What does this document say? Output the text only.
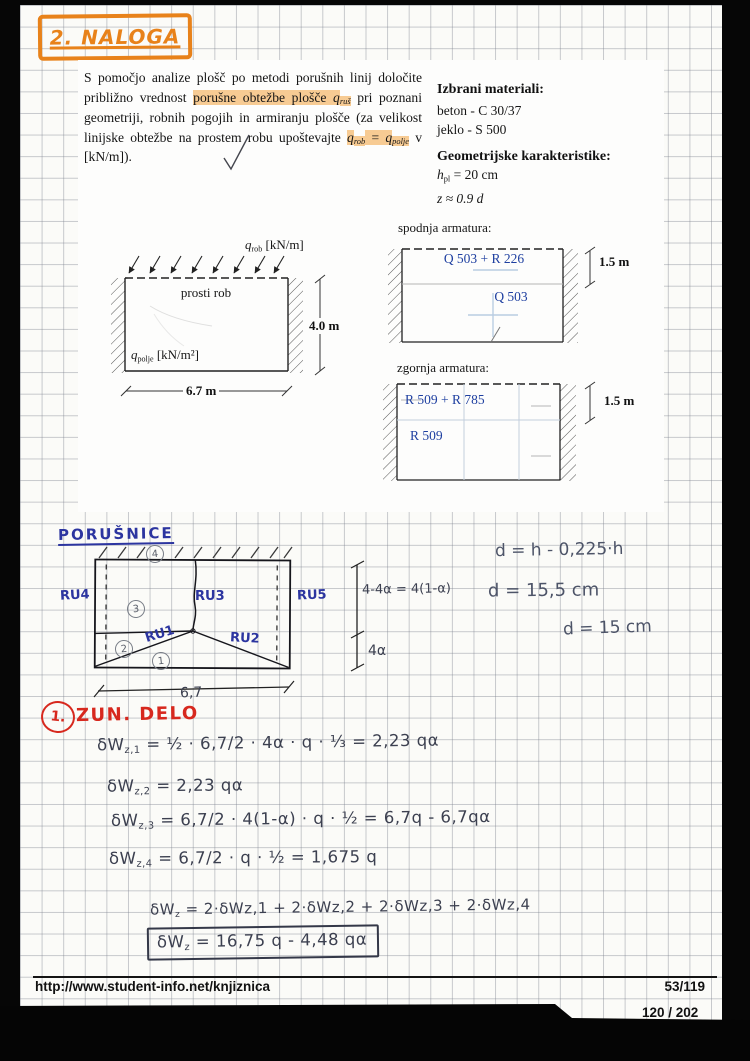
2. NALOGA

S pomočjo analize plošč po metodi porušnih linij določite približno vrednost porušne obtežbe plošče $q_{ruš}$ pri poznani geometriji, robnih pogojih in armiranju plošče (za velikost linijske obtežbe na prostem robu upoštevajte $q_{rob} = q_{polje}$ v [kN/m]).

Izbrani materiali:
beton - C 30/37
jeklo - S 500
Geometrijske karakteristike:
$h_{pl} = 20$ cm
z ≈ 0.9 d
$q_{rob}$ [kN/m]
prosti rob
$q_{polje}$ [kN/m²]
4.0 m
6.7 m
spodnja armatura:
Q 503 + R 226
Q 503
1.5 m
zgornja armatura:
R 509 + R 785
R 509
1.5 m
PORUŠNICE
RU4	RU3	RU5
RU1	RU2
4
3
2
1
6,7
4-4α = 4(1-α)
4α
d = h - 0,225·h
d = 15,5 cm
d = 15 cm
1. ZUN. DELO
δWz,1 = ½ · 6,7/2 · 4α · q · ⅓ = 2,23 qα
δWz,2 = 2,23 qα
δWz,3 = 6,7/2 · 4(1-α) · q · ½ = 6,7q - 6,7qα
δWz,4 = 6,7/2 · q · ½ = 1,675 q
δWz = 2·δWz,1 + 2·δWz,2 + 2·δWz,3 + 2·δWz,4
δWz = 16,75 q - 4,48 qα
http://www.student-info.net/knjiznica	53/119
120 / 202
